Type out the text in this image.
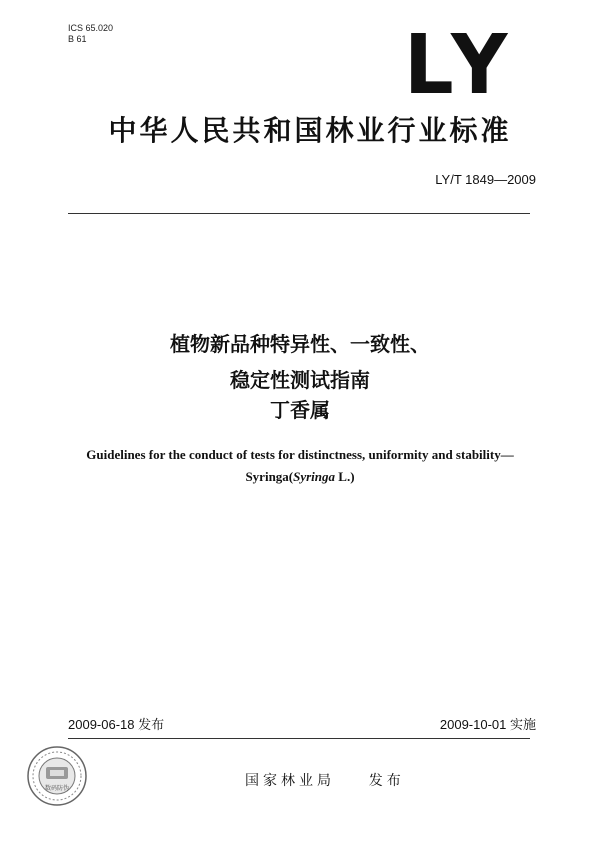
ICS 65.020
B 61	LY
中华人民共和国林业行业标准
LY/T 1849—2009
植物新品种特异性、一致性、
稳定性测试指南
丁香属
Guidelines for the conduct of tests for distinctness, uniformity and stability—
Syringa(Syringa L.)
2009-06-18 发布	2009-10-01 实施
数码防伪	国家林业局    发布
